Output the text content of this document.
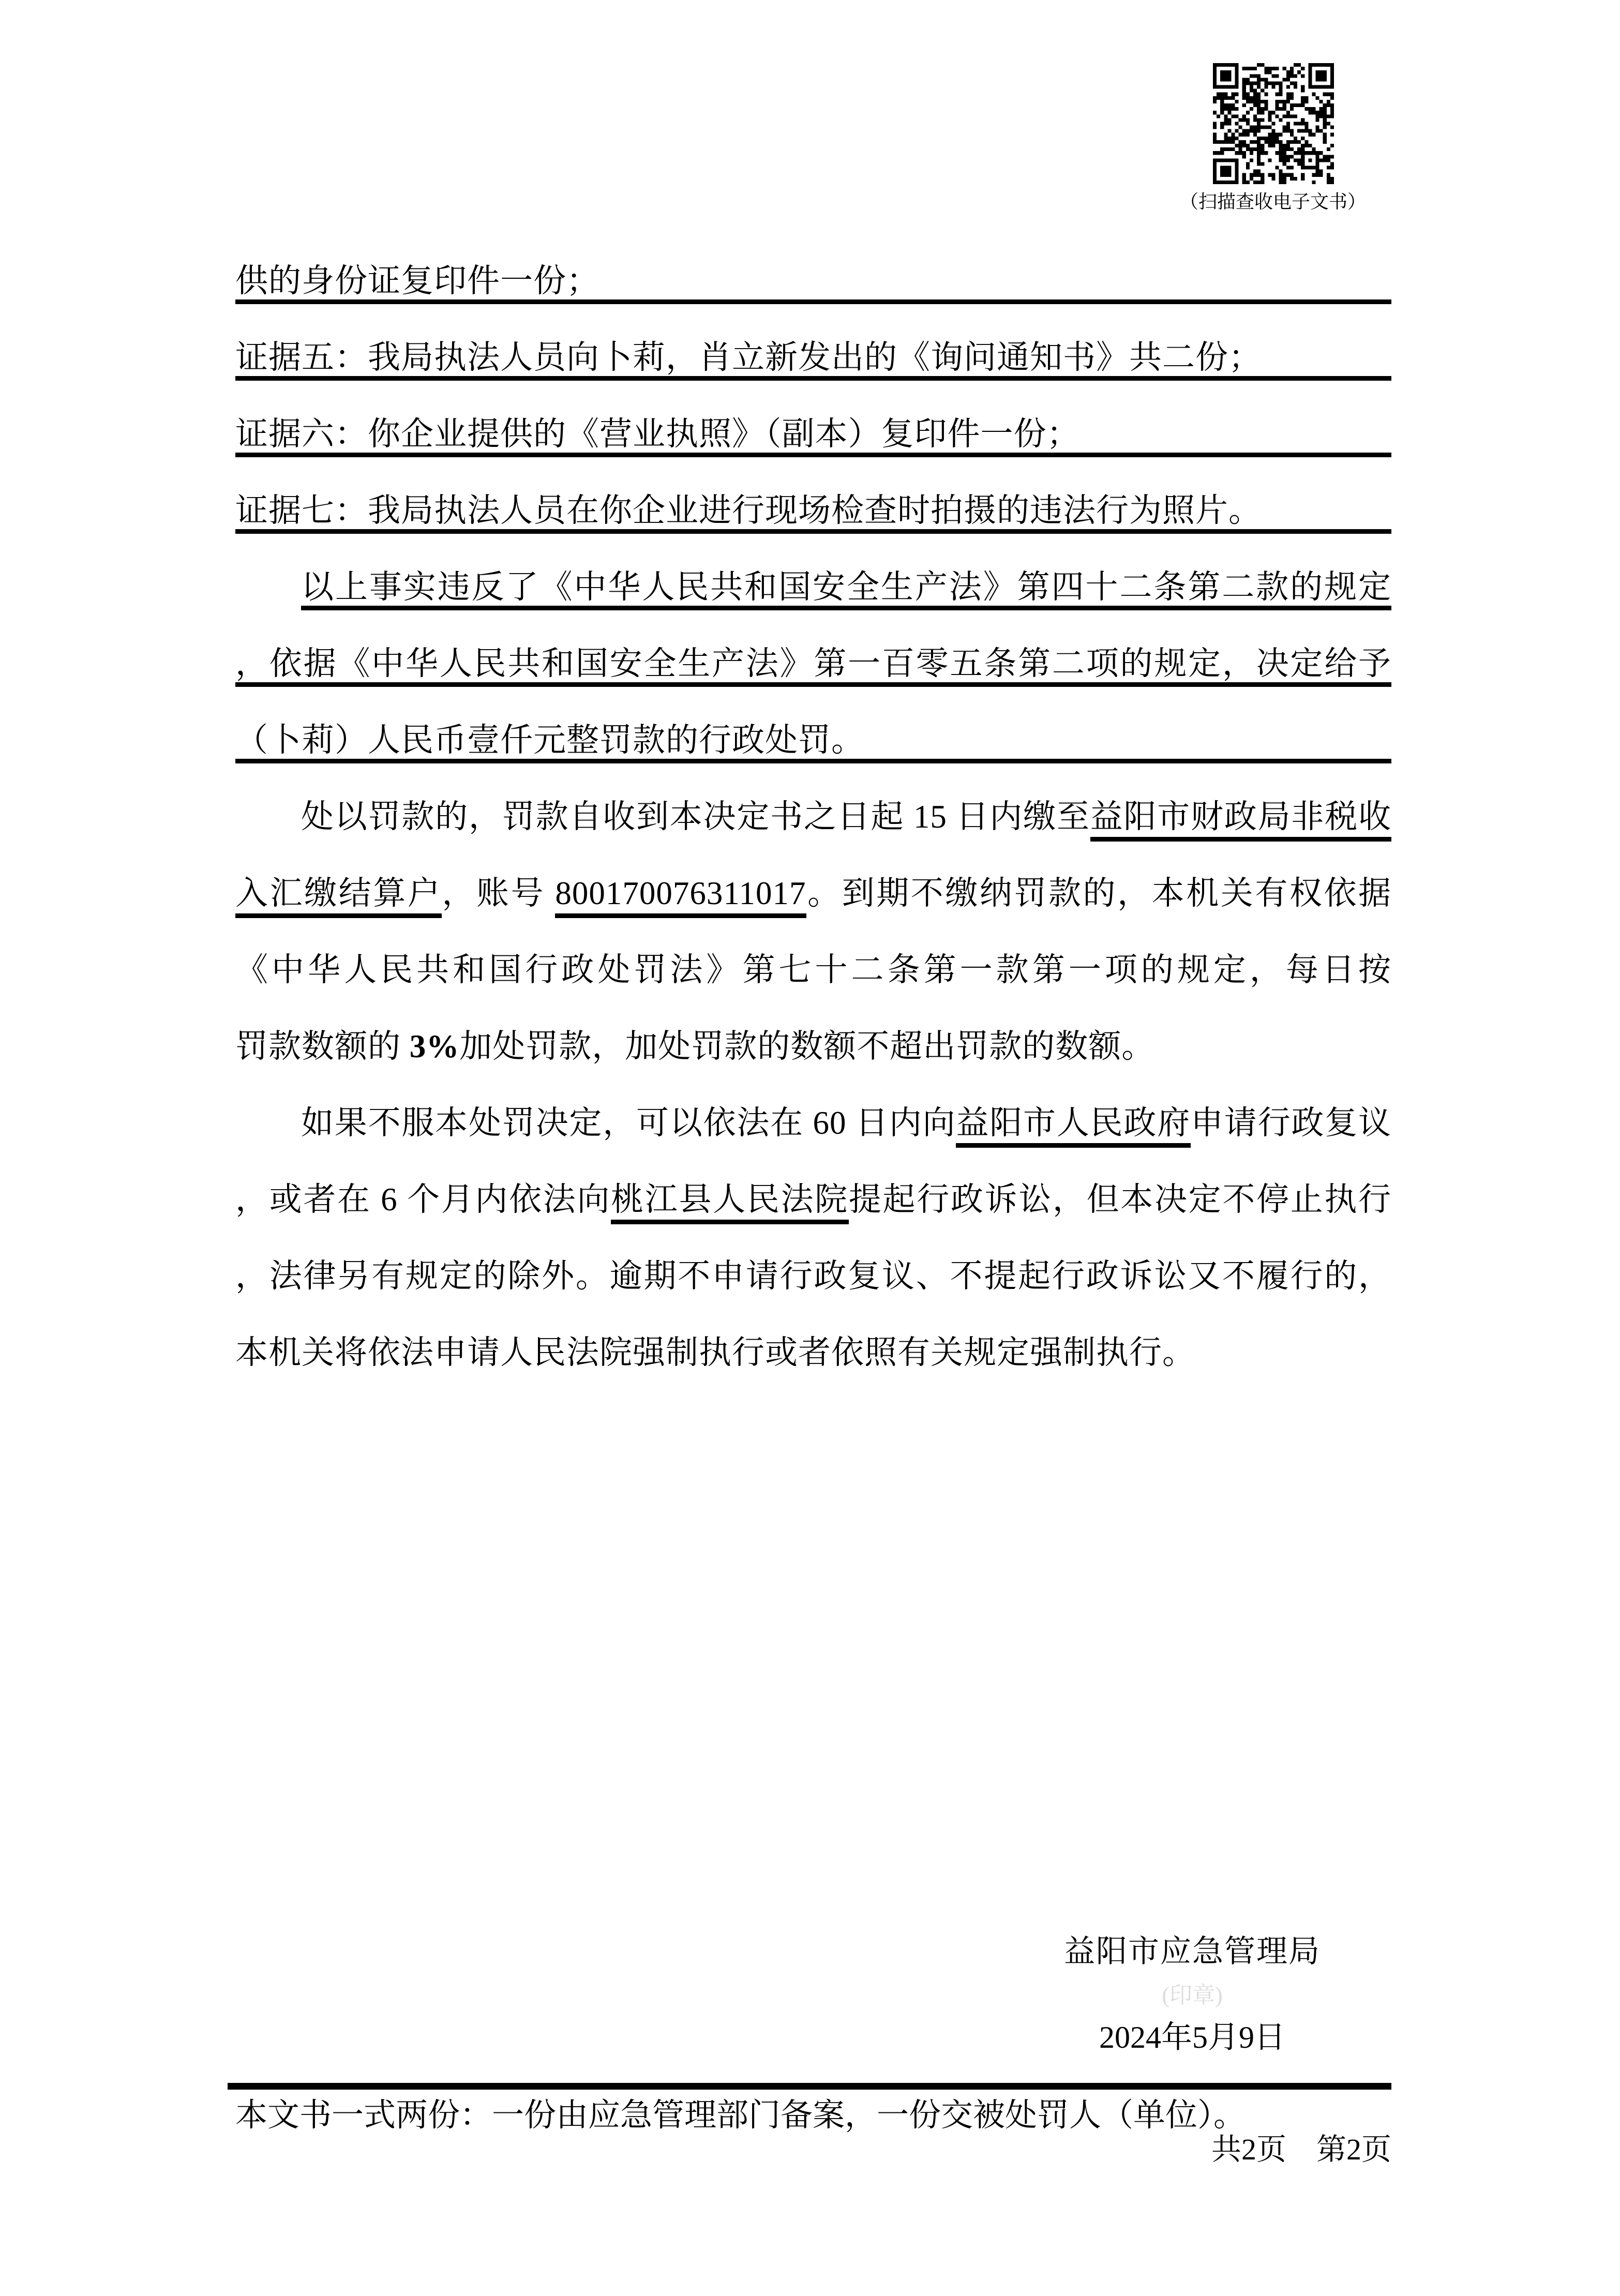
（扫描查收电子文书）
供的身份证复印件一份；
证据五：我局执法人员向卜莉，肖立新发出的《询问通知书》共二份；
证据六：你企业提供的《营业执照》（副本）复印件一份；
证据七：我局执法人员在你企业进行现场检查时拍摄的违法行为照片。
以上事实违反了《中华人民共和国安全生产法》第四十二条第二款的规定
，依据《中华人民共和国安全生产法》第一百零五条第二项的规定，决定给予
（卜莉）人民币壹仟元整罚款的行政处罚。
处以罚款的，罚款自收到本决定书之日起 15 日内缴至益阳市财政局非税收
入汇缴结算户，账号 800170076311017。到期不缴纳罚款的，本机关有权依据
《中华人民共和国行政处罚法》第七十二条第一款第一项的规定，每日按
罚款数额的 3%加处罚款，加处罚款的数额不超出罚款的数额。
如果不服本处罚决定，可以依法在 60 日内向益阳市人民政府申请行政复议
，或者在 6 个月内依法向桃江县人民法院提起行政诉讼，但本决定不停止执行
，法律另有规定的除外。逾期不申请行政复议、不提起行政诉讼又不履行的，
本机关将依法申请人民法院强制执行或者依照有关规定强制执行。
益阳市应急管理局
(印章)
2024年5月9日
本文书一式两份：一份由应急管理部门备案，一份交被处罚人（单位）。
共2页　第2页
